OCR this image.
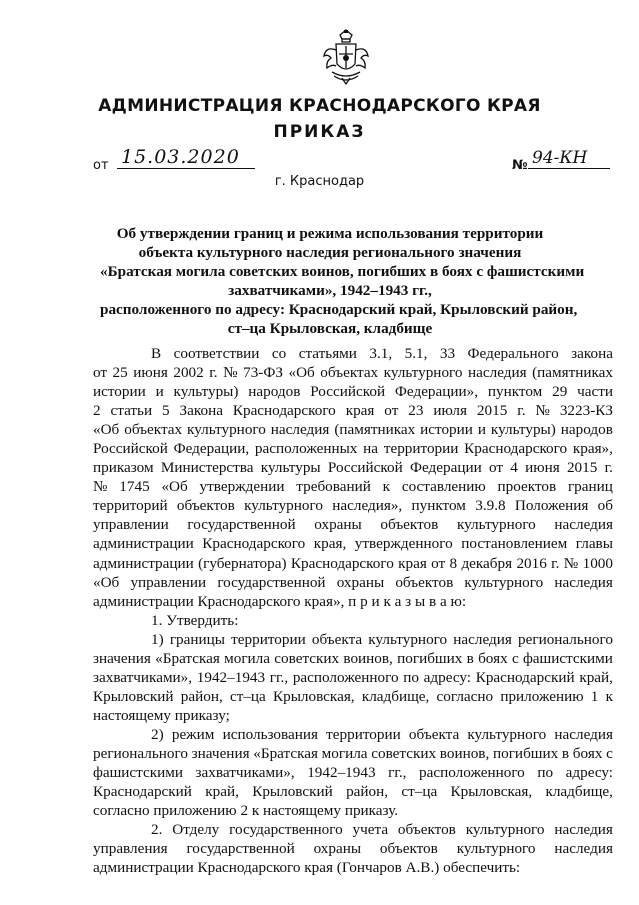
АДМИНИСТРАЦИЯ КРАСНОДАРСКОГО КРАЯ
ПРИКАЗ
от 15.03.2020	№ 94-КН
г. Краснодар
Об утверждении границ и режима использования территории
объекта культурного наследия регионального значения
«Братская могила советских воинов, погибших в боях с фашистскими
захватчиками», 1942–1943 гг.,
расположенного по адресу: Краснодарский край, Крыловский район,
ст–ца Крыловская, кладбище
В соответствии со статьями 3.1, 5.1, 33 Федерального закона
от 25 июня 2002 г. № 73-ФЗ «Об объектах культурного наследия (памятниках
истории и культуры) народов Российской Федерации», пунктом 29 части
2 статьи 5 Закона Краснодарского края от 23 июля 2015 г. № 3223-КЗ
«Об объектах культурного наследия (памятниках истории и культуры) народов
Российской Федерации, расположенных на территории Краснодарского края»,
приказом Министерства культуры Российской Федерации от 4 июня 2015 г.
№ 1745 «Об утверждении требований к составлению проектов границ
территорий объектов культурного наследия», пунктом 3.9.8 Положения об
управлении государственной охраны объектов культурного наследия
администрации Краснодарского края, утвержденного постановлением главы
администрации (губернатора) Краснодарского края от 8 декабря 2016 г. № 1000
«Об управлении государственной охраны объектов культурного наследия
администрации Краснодарского края», п р и к а з ы в а ю:
1. Утвердить:
1) границы территории объекта культурного наследия регионального
значения «Братская могила советских воинов, погибших в боях с фашистскими
захватчиками», 1942–1943 гг., расположенного по адресу: Краснодарский край,
Крыловский район, ст–ца Крыловская, кладбище, согласно приложению 1 к
настоящему приказу;
2) режим использования территории объекта культурного наследия
регионального значения «Братская могила советских воинов, погибших в боях с
фашистскими захватчиками», 1942–1943 гг., расположенного по адресу:
Краснодарский край, Крыловский район, ст–ца Крыловская, кладбище,
согласно приложению 2 к настоящему приказу.
2. Отделу государственного учета объектов культурного наследия
управления государственной охраны объектов культурного наследия
администрации Краснодарского края (Гончаров А.В.) обеспечить:
